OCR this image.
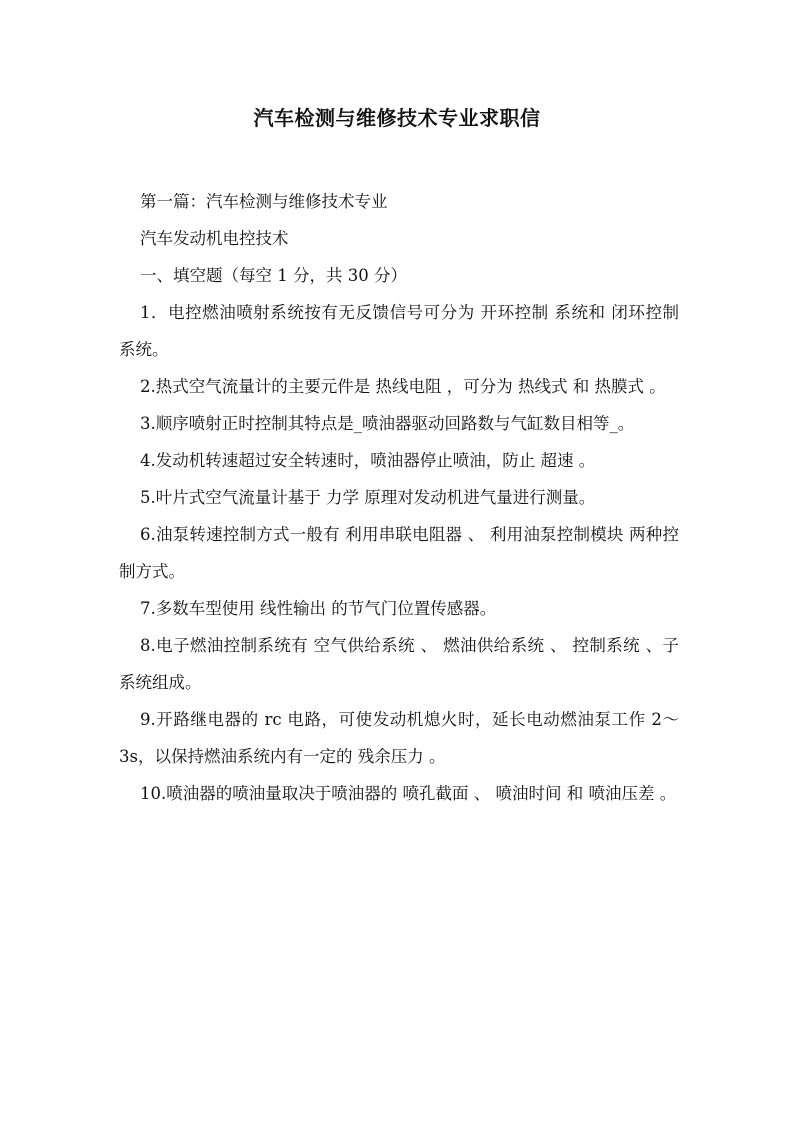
汽车检测与维修技术专业求职信

第一篇：汽车检测与维修技术专业

汽车发动机电控技术

一、填空题（每空 1 分，共 30 分）

1．电控燃油喷射系统按有无反馈信号可分为 开环控制 系统和 闭环控制 系统。

2.热式空气流量计的主要元件是 热线电阻 ，可分为 热线式 和 热膜式 。

3.顺序喷射正时控制其特点是_喷油器驱动回路数与气缸数目相等_。

4.发动机转速超过安全转速时，喷油器停止喷油，防止 超速 。

5.叶片式空气流量计基于 力学 原理对发动机进气量进行测量。

6.油泵转速控制方式一般有 利用串联电阻器 、 利用油泵控制模块 两种控制方式。

7.多数车型使用 线性输出 的节气门位置传感器。

8.电子燃油控制系统有 空气供给系统 、 燃油供给系统 、 控制系统 、子系统组成。

9.开路继电器的 rc 电路，可使发动机熄火时，延长电动燃油泵工作 2～3s，以保持燃油系统内有一定的 残余压力 。

10.喷油器的喷油量取决于喷油器的 喷孔截面 、 喷油时间 和 喷油压差 。
